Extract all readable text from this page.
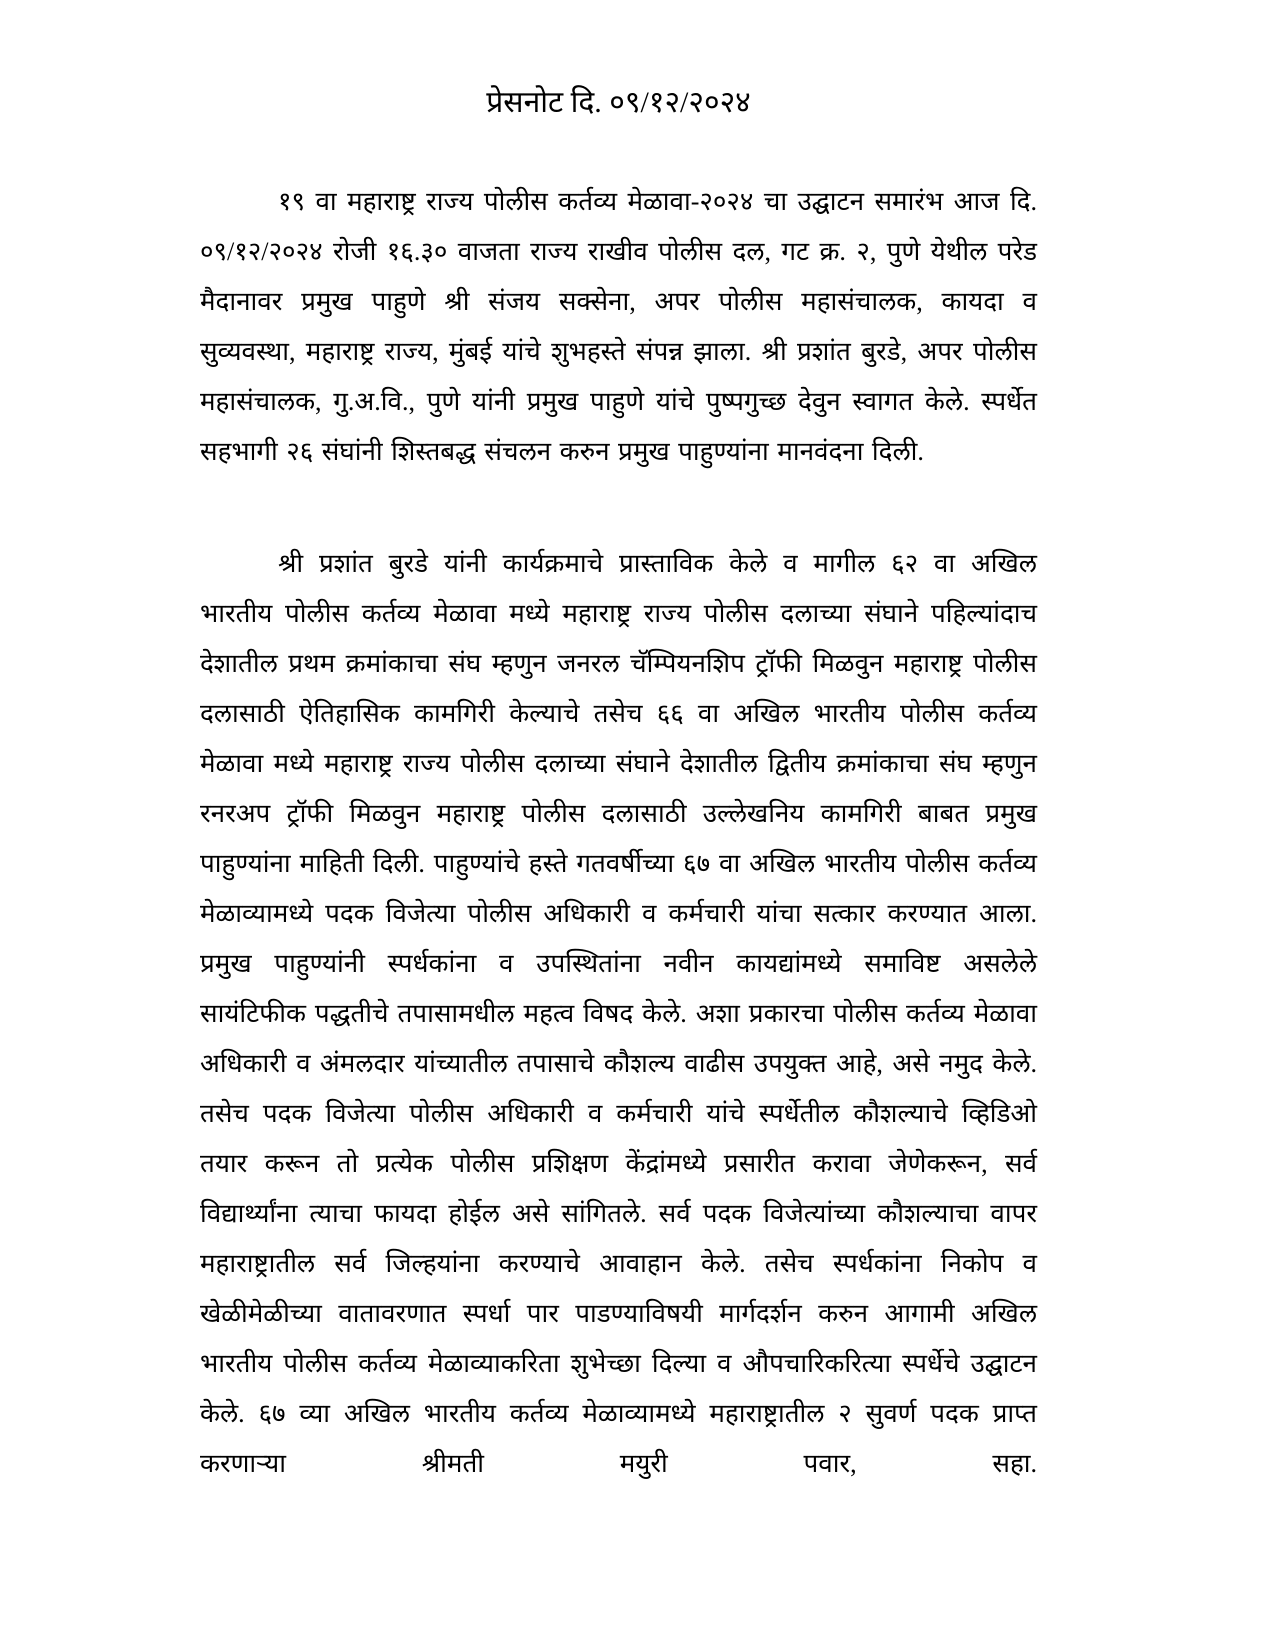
प्रेसनोट दि. ०९/१२/२०२४

१९ वा महाराष्ट्र राज्य पोलीस कर्तव्य मेळावा-२०२४ चा उद्घाटन समारंभ आज दि. ०९/१२/२०२४ रोजी १६.३० वाजता राज्य राखीव पोलीस दल, गट क्र. २, पुणे येथील परेड मैदानावर प्रमुख पाहुणे श्री संजय सक्सेना, अपर पोलीस महासंचालक, कायदा व सुव्यवस्था, महाराष्ट्र राज्य, मुंबई यांचे शुभहस्ते संपन्न झाला. श्री प्रशांत बुरडे, अपर पोलीस महासंचालक, गु.अ.वि., पुणे यांनी प्रमुख पाहुणे यांचे पुष्पगुच्छ देवुन स्वागत केले. स्पर्धेत सहभागी २६ संघांनी शिस्तबद्ध संचलन करुन प्रमुख पाहुण्यांना मानवंदना दिली.

श्री प्रशांत बुरडे यांनी कार्यक्रमाचे प्रास्ताविक केले व मागील ६२ वा अखिल भारतीय पोलीस कर्तव्य मेळावा मध्ये महाराष्ट्र राज्य पोलीस दलाच्या संघाने पहिल्यांदाच देशातील प्रथम क्रमांकाचा संघ म्हणुन जनरल चॅम्पियनशिप ट्रॉफी मिळवुन महाराष्ट्र पोलीस दलासाठी ऐतिहासिक कामगिरी केल्याचे तसेच ६६ वा अखिल भारतीय पोलीस कर्तव्य मेळावा मध्ये महाराष्ट्र राज्य पोलीस दलाच्या संघाने देशातील द्वितीय क्रमांकाचा संघ म्हणुन रनरअप ट्रॉफी मिळवुन महाराष्ट्र पोलीस दलासाठी उल्लेखनिय कामगिरी बाबत प्रमुख पाहुण्यांना माहिती दिली. पाहुण्यांचे हस्ते गतवर्षीच्या ६७ वा अखिल भारतीय पोलीस कर्तव्य मेळाव्यामध्ये पदक विजेत्या पोलीस अधिकारी व कर्मचारी यांचा सत्कार करण्यात आला. प्रमुख पाहुण्यांनी स्पर्धकांना व उपस्थितांना नवीन कायद्यांमध्ये समाविष्ट असलेले सायंटिफीक पद्धतीचे तपासामधील महत्व विषद केले. अशा प्रकारचा पोलीस कर्तव्य मेळावा अधिकारी व अंमलदार यांच्यातील तपासाचे कौशल्य वाढीस उपयुक्त आहे, असे नमुद केले. तसेच पदक विजेत्या पोलीस अधिकारी व कर्मचारी यांचे स्पर्धेतील कौशल्याचे व्हिडिओ तयार करून तो प्रत्येक पोलीस प्रशिक्षण केंद्रांमध्ये प्रसारीत करावा जेणेकरून, सर्व विद्यार्थ्यांना त्याचा फायदा होईल असे सांगितले. सर्व पदक विजेत्यांच्या कौशल्याचा वापर महाराष्ट्रातील सर्व जिल्हयांना करण्याचे आवाहान केले. तसेच स्पर्धकांना निकोप व खेळीमेळीच्या वातावरणात स्पर्धा पार पाडण्याविषयी मार्गदर्शन करुन आगामी अखिल भारतीय पोलीस कर्तव्य मेळाव्याकरिता शुभेच्छा दिल्या व औपचारिकरित्या स्पर्धेचे उद्घाटन केले. ६७ व्या अखिल भारतीय कर्तव्य मेळाव्यामध्ये महाराष्ट्रातील २ सुवर्ण पदक प्राप्त करणाऱ्या श्रीमती मयुरी पवार, सहा.
